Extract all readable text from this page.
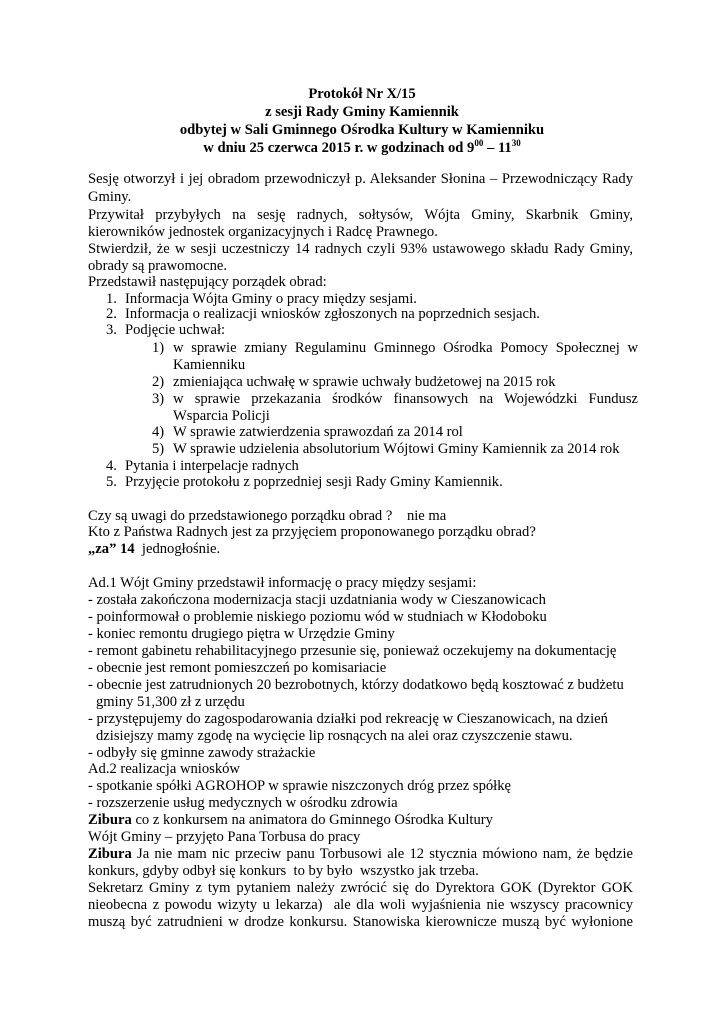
Protokół Nr X/15
z sesji Rady Gminy Kamiennik
odbytej w Sali Gminnego Ośrodka Kultury w Kamienniku
w dniu 25 czerwca 2015 r. w godzinach od $9^{00} - 11^{30}$
Sesję otworzył i jej obradom przewodniczył p. Aleksander Słonina – Przewodniczący Rady
Gminy.
Przywitał przybyłych na sesję radnych, sołtysów, Wójta Gminy, Skarbnik Gminy,
kierowników jednostek organizacyjnych i Radcę Prawnego.
Stwierdził, że w sesji uczestniczy 14 radnych czyli 93% ustawowego składu Rady Gminy,
obrady są prawomocne.
Przedstawił następujący porządek obrad:
1. Informacja Wójta Gminy o pracy między sesjami.
2. Informacja o realizacji wniosków zgłoszonych na poprzednich sesjach.
3. Podjęcie uchwał:
1) w sprawie zmiany Regulaminu Gminnego Ośrodka Pomocy Społecznej w
Kamienniku
2) zmieniająca uchwałę w sprawie uchwały budżetowej na 2015 rok
3) w sprawie przekazania środków finansowych na Wojewódzki Fundusz
Wsparcia Policji
4) W sprawie zatwierdzenia sprawozdań za 2014 rol
5) W sprawie udzielenia absolutorium Wójtowi Gminy Kamiennik za 2014 rok
4. Pytania i interpelacje radnych
5. Przyjęcie protokołu z poprzedniej sesji Rady Gminy Kamiennik.
Czy są uwagi do przedstawionego porządku obrad ?    nie ma
Kto z Państwa Radnych jest za przyjęciem proponowanego porządku obrad?
„za” 14  jednogłośnie.
Ad.1 Wójt Gminy przedstawił informację o pracy między sesjami:
- została zakończona modernizacja stacji uzdatniania wody w Cieszanowicach
- poinformował o problemie niskiego poziomu wód w studniach w Kłodoboku
- koniec remontu drugiego piętra w Urzędzie Gminy
- remont gabinetu rehabilitacyjnego przesunie się, ponieważ oczekujemy na dokumentację
- obecnie jest remont pomieszczeń po komisariacie
- obecnie jest zatrudnionych 20 bezrobotnych, którzy dodatkowo będą kosztować z budżetu
gminy 51,300 zł z urzędu
- przystępujemy do zagospodarowania działki pod rekreację w Cieszanowicach, na dzień
dzisiejszy mamy zgodę na wycięcie lip rosnących na alei oraz czyszczenie stawu.
- odbyły się gminne zawody strażackie
Ad.2 realizacja wniosków
- spotkanie spółki AGROHOP w sprawie niszczonych dróg przez spółkę
- rozszerzenie usług medycznych w ośrodku zdrowia
Zibura co z konkursem na animatora do Gminnego Ośrodka Kultury
Wójt Gminy – przyjęto Pana Torbusa do pracy
Zibura Ja nie mam nic przeciw panu Torbusowi ale 12 stycznia mówiono nam, że będzie
konkurs, gdyby odbył się konkurs  to by było  wszystko jak trzeba.
Sekretarz Gminy z tym pytaniem należy zwrócić się do Dyrektora GOK (Dyrektor GOK
nieobecna z powodu wizyty u lekarza)  ale dla woli wyjaśnienia nie wszyscy pracownicy
muszą być zatrudnieni w drodze konkursu. Stanowiska kierownicze muszą być wyłonione
